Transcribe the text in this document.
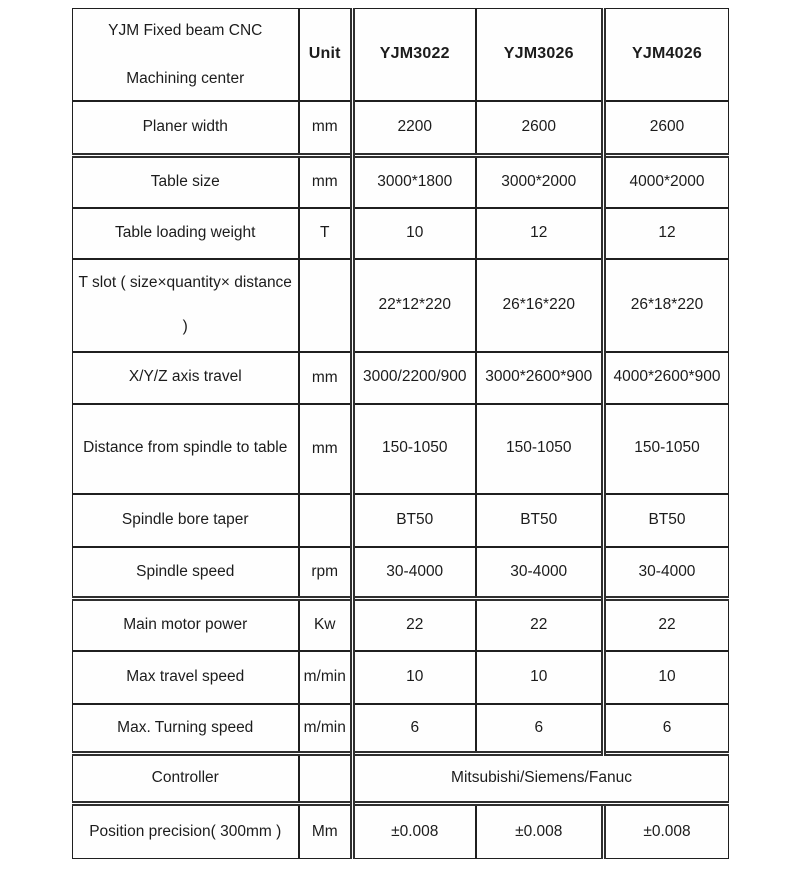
YJM Fixed beam CNC
Machining center	Unit	YJM3022	YJM3026	YJM4026
Planer width	mm	2200	2600	2600
Table size	mm	3000*1800	3000*2000	4000*2000
Table loading weight	T	10	12	12
T slot ( size×quantity× distance )		22*12*220	26*16*220	26*18*220
X/Y/Z axis travel	mm	3000/2200/900	3000*2600*900	4000*2600*900
Distance from spindle to table	mm	150-1050	150-1050	150-1050
Spindle bore taper		BT50	BT50	BT50
Spindle speed	rpm	30-4000	30-4000	30-4000
Main motor power	Kw	22	22	22
Max travel speed	m/min	10	10	10
Max. Turning speed	m/min	6	6	6
Controller		Mitsubishi/Siemens/Fanuc		
Position precision( 300mm )	Mm	±0.008	±0.008	±0.008
